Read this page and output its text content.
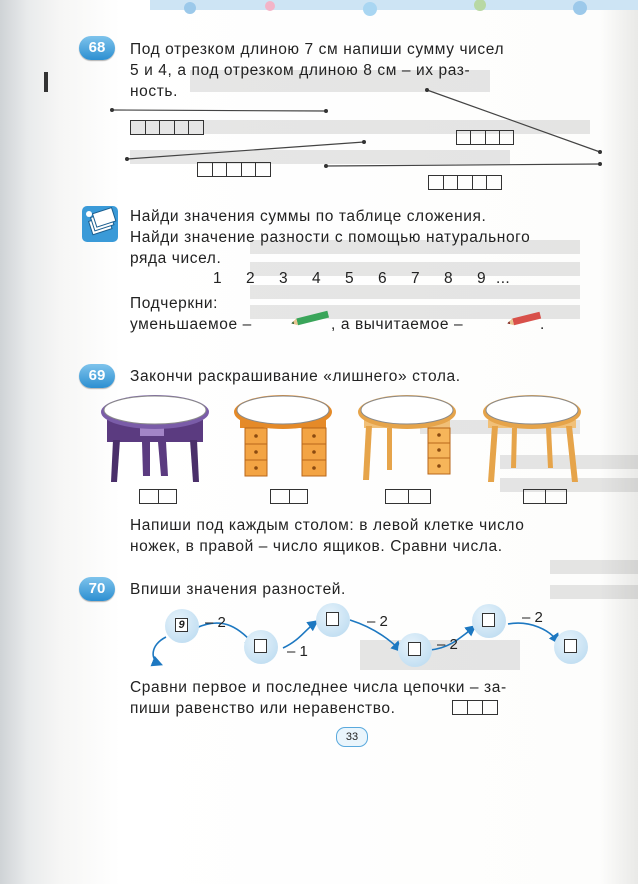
68	Под отрезком длиною 7 см напиши сумму чисел
5 и 4, а под отрезком длиною 8 см – их раз-
ность.
Найди значения суммы по таблице сложения.
Найди значение разности с помощью натурального
ряда чисел.
1 2 3 4 5 6 7 8 9 ...
Подчеркни:
уменьшаемое –	, а вычитаемое –	.
69	Закончи раскрашивание «лишнего» стола.
Напиши под каждым столом: в левой клетке число
ножек, в правой – число ящиков. Сравни числа.
70	Впиши значения разностей.
9 – 2
– 1
– 2
– 2
– 2
Сравни первое и последнее числа цепочки – за-
пиши равенство или неравенство.
33
